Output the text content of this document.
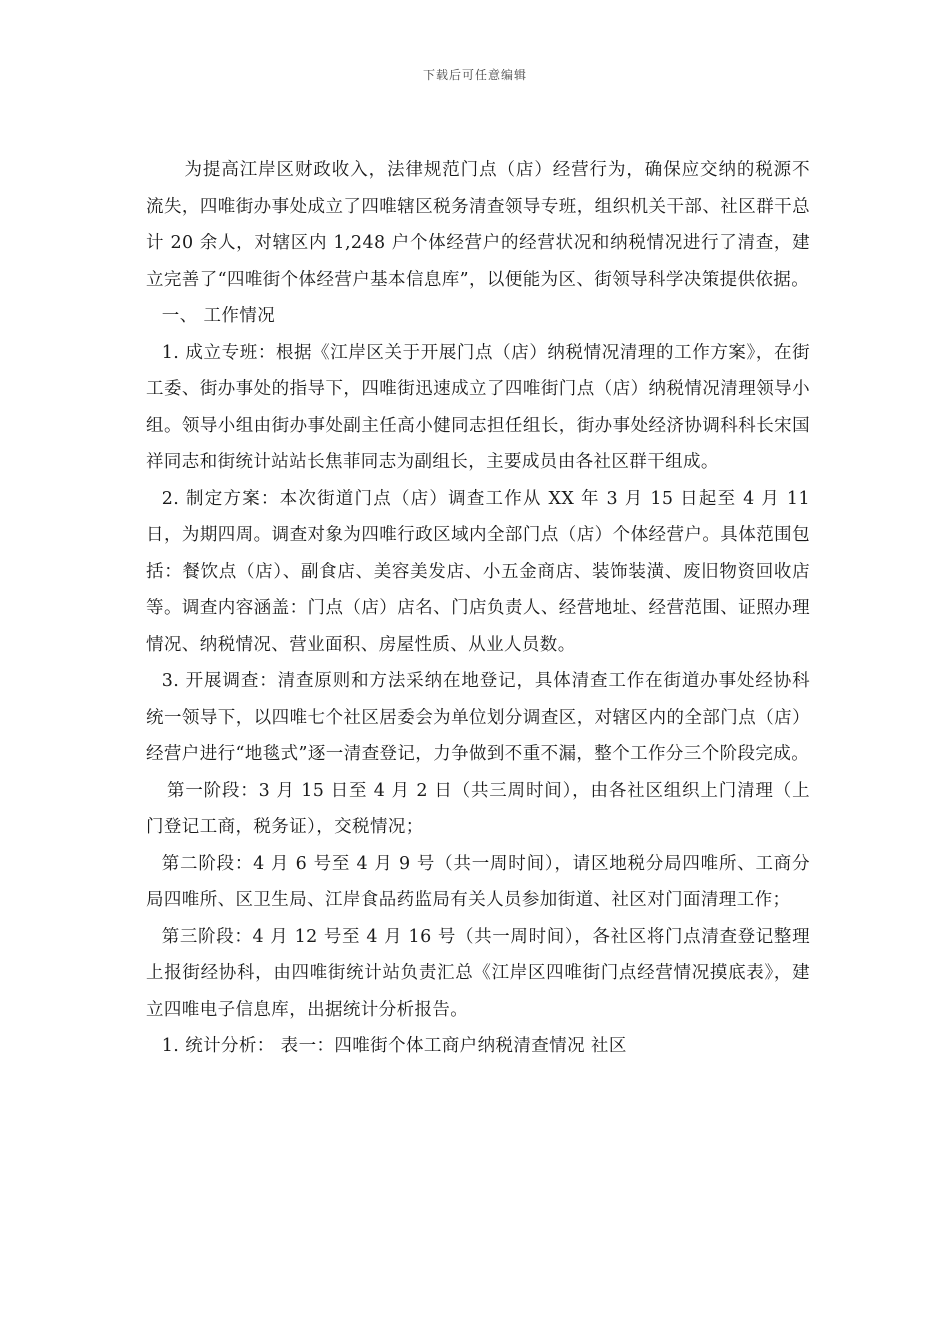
下载后可任意编辑

为提高江岸区财政收入，法律规范门点（店）经营行为，确保应交纳的税源不流失，四唯街办事处成立了四唯辖区税务清查领导专班，组织机关干部、社区群干总计 20 余人，对辖区内 1,248 户个体经营户的经营状况和纳税情况进行了清查，建立完善了“四唯街个体经营户基本信息库”，以便能为区、街领导科学决策提供依据。

一、 工作情况

1. 成立专班：根据《江岸区关于开展门点（店）纳税情况清理的工作方案》，在街工委、街办事处的指导下，四唯街迅速成立了四唯街门点（店）纳税情况清理领导小组。领导小组由街办事处副主任高小健同志担任组长，街办事处经济协调科科长宋国祥同志和街统计站站长焦菲同志为副组长，主要成员由各社区群干组成。

2. 制定方案：本次街道门点（店）调查工作从 XX 年 3 月 15 日起至 4 月 11 日，为期四周。调查对象为四唯行政区域内全部门点（店）个体经营户。具体范围包括：餐饮点（店）、副食店、美容美发店、小五金商店、装饰装潢、废旧物资回收店等。调查内容涵盖：门点（店）店名、门店负责人、经营地址、经营范围、证照办理情况、纳税情况、营业面积、房屋性质、从业人员数。

3. 开展调查：清查原则和方法采纳在地登记，具体清查工作在街道办事处经协科统一领导下，以四唯七个社区居委会为单位划分调查区，对辖区内的全部门点（店）经营户进行“地毯式”逐一清查登记，力争做到不重不漏，整个工作分三个阶段完成。

第一阶段：3 月 15 日至 4 月 2 日（共三周时间），由各社区组织上门清理（上门登记工商，税务证），交税情况；

第二阶段：4 月 6 号至 4 月 9 号（共一周时间），请区地税分局四唯所、工商分局四唯所、区卫生局、江岸食品药监局有关人员参加街道、社区对门面清理工作；

第三阶段：4 月 12 号至 4 月 16 号（共一周时间），各社区将门点清查登记整理上报街经协科，由四唯街统计站负责汇总《江岸区四唯街门点经营情况摸底表》，建立四唯电子信息库，出据统计分析报告。

1. 统计分析： 表一：四唯街个体工商户纳税清查情况 社区
